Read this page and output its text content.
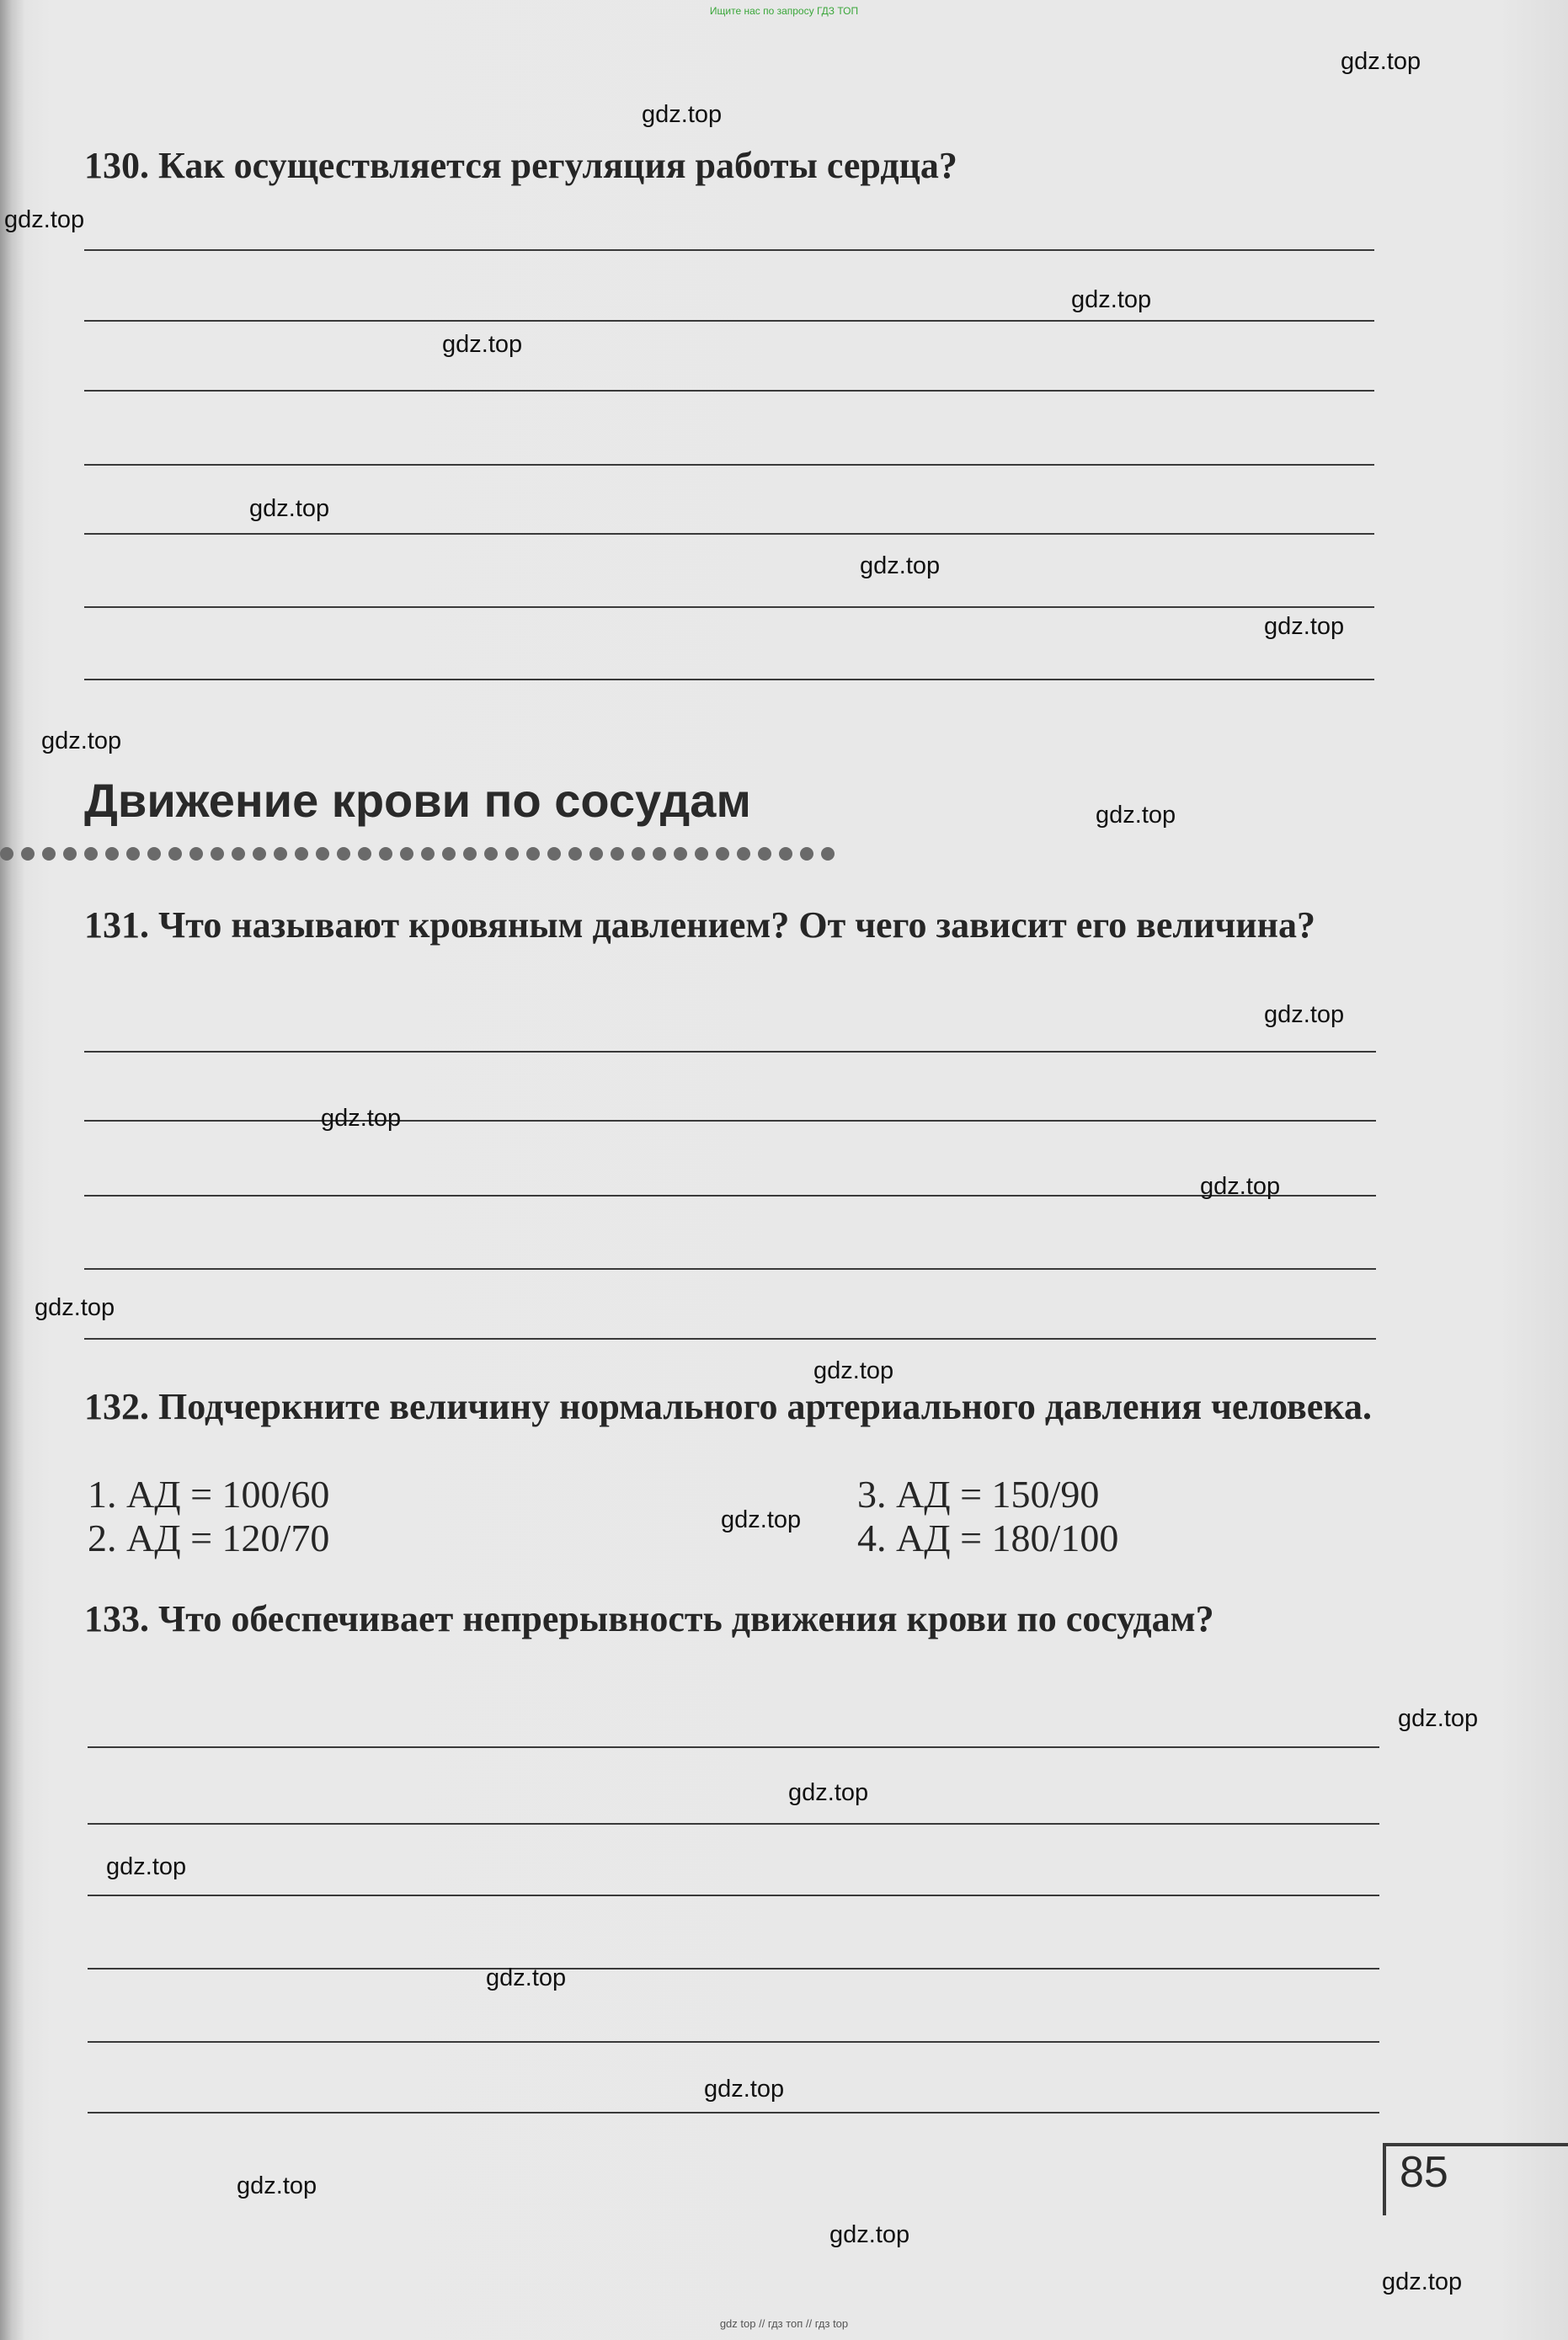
Ищите нас по запросу ГДЗ ТОП
130. Как осуществляется регуляция работы сердца?
Движение крови по сосудам
131. Что называют кровяным давлением? От чего зависит его величина?
132. Подчеркните величину нормального артериального давления человека.
1. АД = 100/60
2. АД = 120/70
3. АД = 150/90
4. АД = 180/100
133. Что обеспечивает непрерывность движения крови по сосудам?
85
gdz.top
gdz.top
gdz.top
gdz.top
gdz.top
gdz.top
gdz.top
gdz.top
gdz.top
gdz.top
gdz.top
gdz.top
gdz.top
gdz.top
gdz.top
gdz.top
gdz.top
gdz.top
gdz.top
gdz.top
gdz.top
gdz.top
gdz.top
gdz.top
gdz top // гдз топ // гдз top
